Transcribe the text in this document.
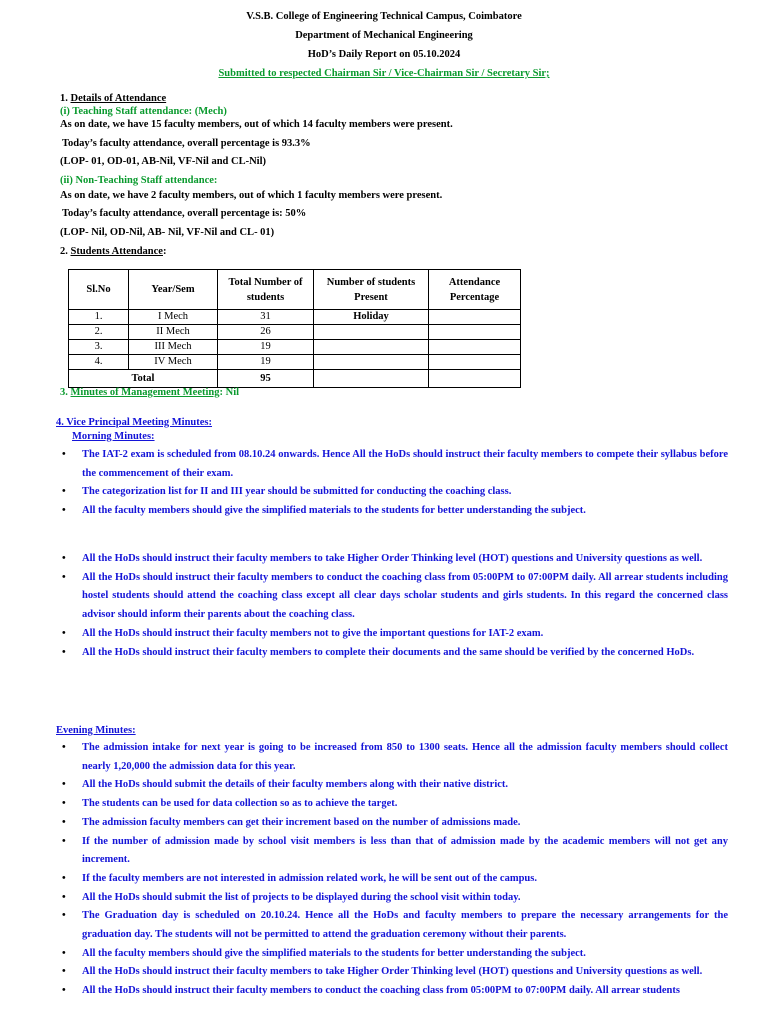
V.S.B. College of Engineering Technical Campus, Coimbatore
Department of Mechanical Engineering
HoD’s Daily Report on 05.10.2024
Submitted to respected Chairman Sir / Vice-Chairman Sir / Secretary Sir;
1. Details of Attendance
(i) Teaching Staff attendance: (Mech)
As on date, we have 15 faculty members, out of which 14 faculty members were present.
Today’s faculty attendance, overall percentage is 93.3%
(LOP- 01, OD-01, AB-Nil, VF-Nil and CL-Nil)
(ii) Non-Teaching Staff attendance:
As on date, we have 2 faculty members, out of which 1 faculty members were present.
Today’s faculty attendance, overall percentage is: 50%
(LOP- Nil, OD-Nil, AB- Nil, VF-Nil and CL- 01)
2. Students Attendance:
Sl.No	Year/Sem	Total Number of students	Number of students Present	Attendance Percentage
1.	I Mech	31	Holiday	
2.	II Mech	26		
3.	III Mech	19		
4.	IV Mech	19		
Total		95		
3. Minutes of Management Meeting: Nil
4. Vice Principal Meeting Minutes:
Morning Minutes:
• The IAT-2 exam is scheduled from 08.10.24 onwards. Hence All the HoDs should instruct their faculty members to compete their syllabus before the commencement of their exam.
• The categorization list for II and III year should be submitted for conducting the coaching class.
• All the faculty members should give the simplified materials to the students for better understanding the subject.
• All the HoDs should instruct their faculty members to take Higher Order Thinking level (HOT) questions and University questions as well.
• All the HoDs should instruct their faculty members to conduct the coaching class from 05:00PM to 07:00PM daily. All arrear students including hostel students should attend the coaching class except all clear days scholar students and girls students. In this regard the concerned class advisor should inform their parents about the coaching class.
• All the HoDs should instruct their faculty members not to give the important questions for IAT-2 exam.
• All the HoDs should instruct their faculty members to complete their documents and the same should be verified by the concerned HoDs.
Evening Minutes:
• The admission intake for next year is going to be increased from 850 to 1300 seats. Hence all the admission faculty members should collect nearly 1,20,000 the admission data for this year.
• All the HoDs should submit the details of their faculty members along with their native district.
• The students can be used for data collection so as to achieve the target.
• The admission faculty members can get their increment based on the number of admissions made.
• If the number of admission made by school visit members is less than that of admission made by the academic members will not get any increment.
• If the faculty members are not interested in admission related work, he will be sent out of the campus.
• All the HoDs should submit the list of projects to be displayed during the school visit within today.
• The Graduation day is scheduled on 20.10.24. Hence all the HoDs and faculty members to prepare the necessary arrangements for the graduation day. The students will not be permitted to attend the graduation ceremony without their parents.
• All the faculty members should give the simplified materials to the students for better understanding the subject.
• All the HoDs should instruct their faculty members to take Higher Order Thinking level (HOT) questions and University questions as well.
• All the HoDs should instruct their faculty members to conduct the coaching class from 05:00PM to 07:00PM daily. All arrear students
